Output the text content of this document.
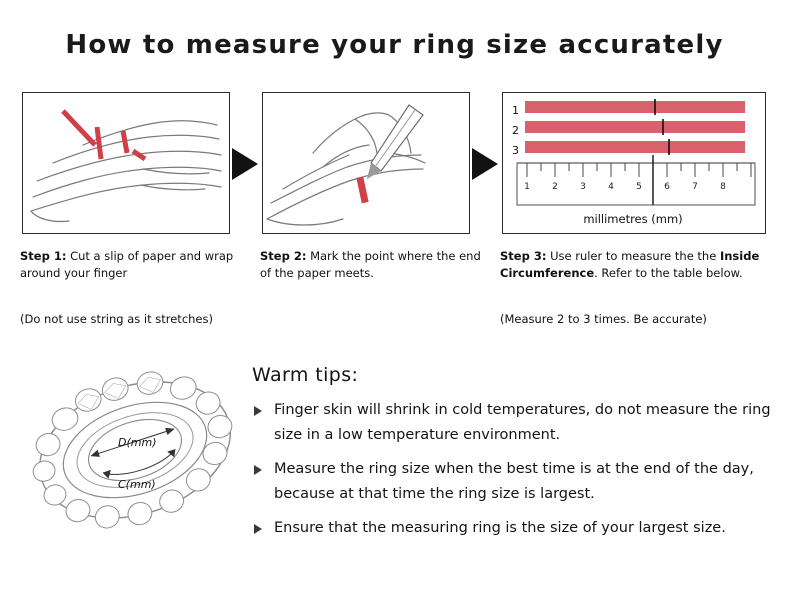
How to measure your ring size accurately
1 2 3 4 5 6 7 8
1
2
3
millimetres (mm)
Step 1: Cut a slip of paper and wrap around your finger
Step 2: Mark the point where the end of the paper meets.
Step 3: Use ruler to measure the the Inside Circumference. Refer to the table below.
(Do not use string as it stretches)	(Measure 2 to 3 times. Be accurate)
D(mm)
C(mm)
Warm tips:
Finger skin will shrink in cold temperatures, do not measure the ring size in a low temperature environment.
Measure the ring size when the best time is at the end of the day, because at that time the ring size is largest.
Ensure that the measuring ring is the size of your largest size.
